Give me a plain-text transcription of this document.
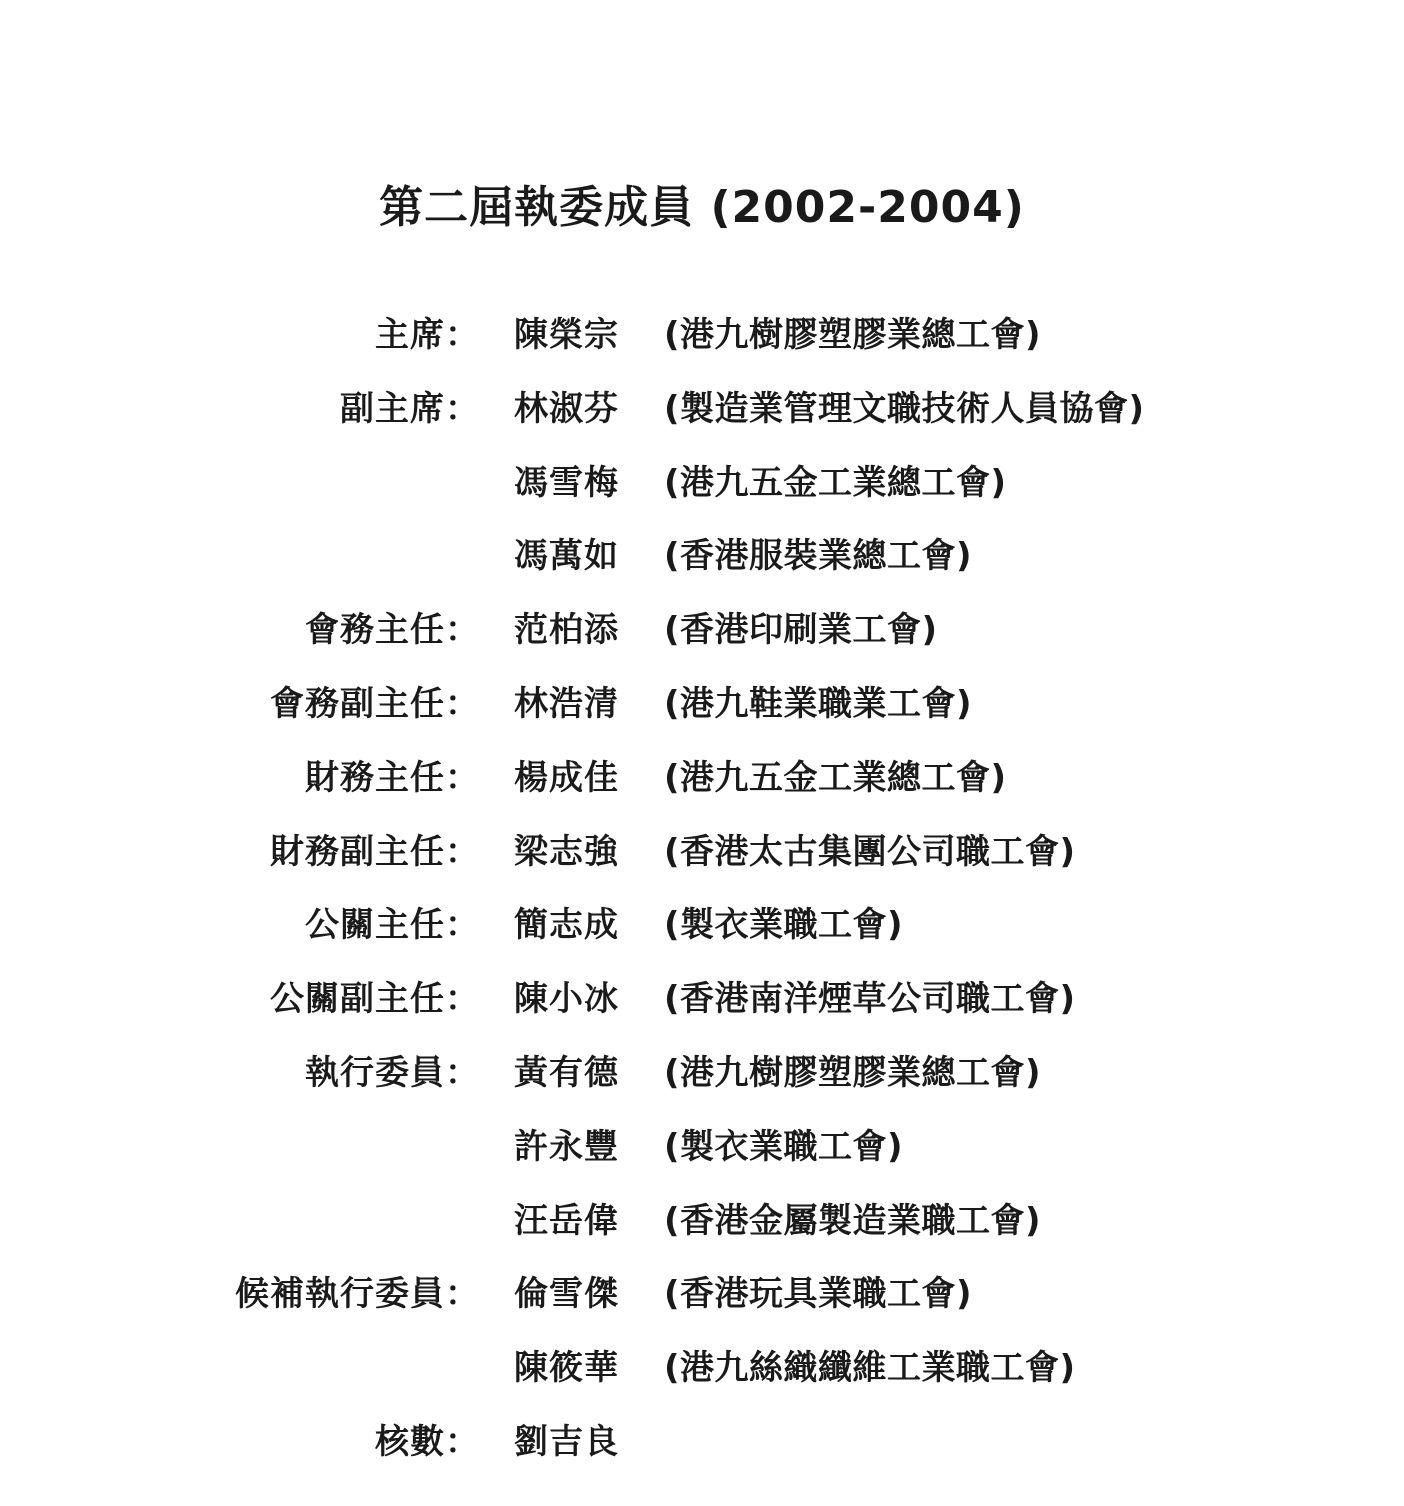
第二屆執委成員 (2002-2004)
主席： 陳榮宗 (港九樹膠塑膠業總工會)
副主席： 林淑芬 (製造業管理文職技術人員協會)
馮雪梅 (港九五金工業總工會)
馮萬如 (香港服裝業總工會)
會務主任： 范柏添 (香港印刷業工會)
會務副主任： 林浩清 (港九鞋業職業工會)
財務主任： 楊成佳 (港九五金工業總工會)
財務副主任： 梁志強 (香港太古集團公司職工會)
公關主任： 簡志成 (製衣業職工會)
公關副主任： 陳小冰 (香港南洋煙草公司職工會)
執行委員： 黃有德 (港九樹膠塑膠業總工會)
許永豐 (製衣業職工會)
汪岳偉 (香港金屬製造業職工會)
候補執行委員： 倫雪傑 (香港玩具業職工會)
陳筱華 (港九絲織纖維工業職工會)
核數： 劉吉良
